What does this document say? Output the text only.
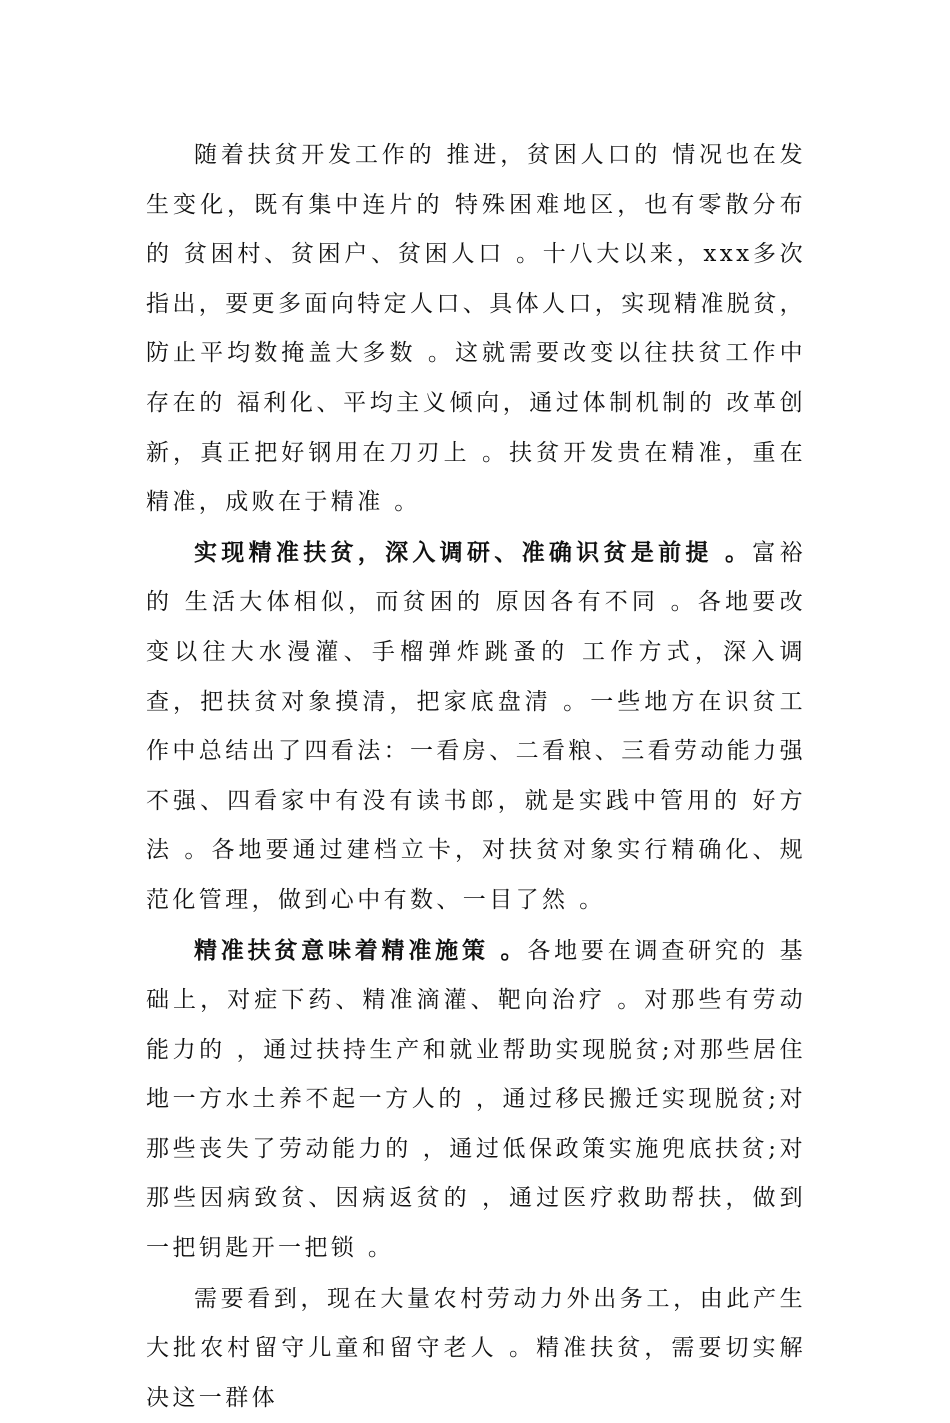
随着扶贫开发工作的 推进，贫困人口的 情况也在发生变化，既有集中连片的 特殊困难地区，也有零散分布的 贫困村、贫困户、贫困人口 。十八大以来，xxx多次指出，要更多面向特定人口、具体人口，实现精准脱贫，防止平均数掩盖大多数 。这就需要改变以往扶贫工作中存在的 福利化、平均主义倾向，通过体制机制的 改革创新，真正把好钢用在刀刃上 。扶贫开发贵在精准，重在精准，成败在于精准 。

实现精准扶贫，深入调研、准确识贫是前提 。富裕的 生活大体相似，而贫困的 原因各有不同 。各地要改变以往大水漫灌、手榴弹炸跳蚤的 工作方式，深入调查，把扶贫对象摸清，把家底盘清 。一些地方在识贫工作中总结出了四看法：一看房、二看粮、三看劳动能力强不强、四看家中有没有读书郎，就是实践中管用的 好方法 。各地要通过建档立卡，对扶贫对象实行精确化、规范化管理，做到心中有数、一目了然 。

精准扶贫意味着精准施策 。各地要在调查研究的 基础上，对症下药、精准滴灌、靶向治疗 。对那些有劳动能力的 ，通过扶持生产和就业帮助实现脱贫;对那些居住地一方水土养不起一方人的 ，通过移民搬迁实现脱贫;对那些丧失了劳动能力的 ，通过低保政策实施兜底扶贫;对那些因病致贫、因病返贫的 ，通过医疗救助帮扶，做到一把钥匙开一把锁 。

需要看到，现在大量农村劳动力外出务工，由此产生大批农村留守儿童和留守老人 。精准扶贫，需要切实解决这一群体
